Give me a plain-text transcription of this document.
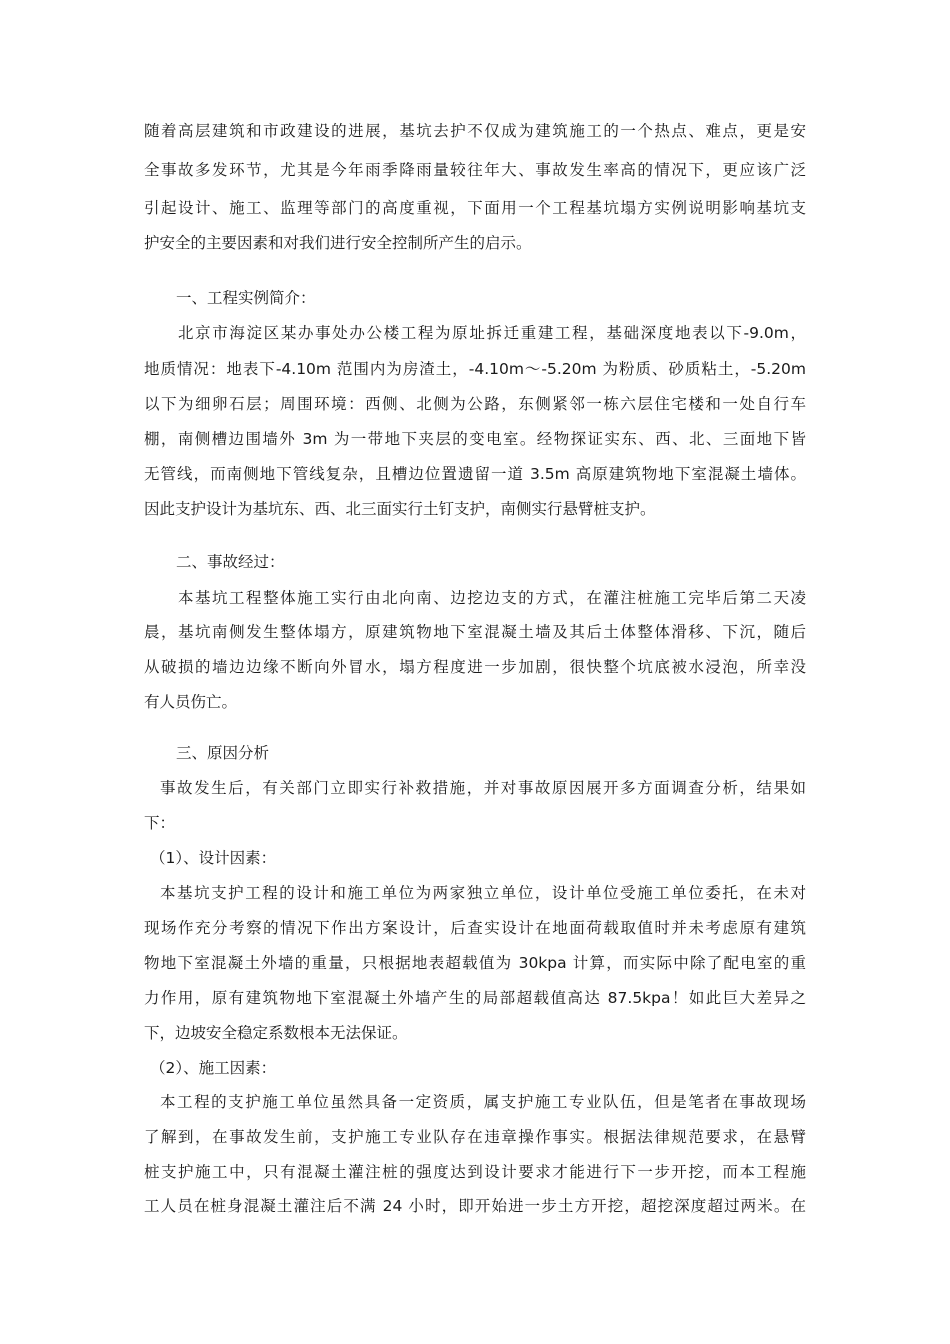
随着高层建筑和市政建设的进展，基坑去护不仅成为建筑施工的一个热点、难点，更是安
全事故多发环节，尤其是今年雨季降雨量较往年大、事故发生率高的情况下，更应该广泛
引起设计、施工、监理等部门的高度重视，下面用一个工程基坑塌方实例说明影响基坑支
护安全的主要因素和对我们进行安全控制所产生的启示。
一、工程实例简介：
北京市海淀区某办事处办公楼工程为原址拆迁重建工程，基础深度地表以下-9.0m，
地质情况：地表下-4.10m 范围内为房渣土，-4.10m～-5.20m 为粉质、砂质粘土，-5.20m
以下为细卵石层；周围环境：西侧、北侧为公路，东侧紧邻一栋六层住宅楼和一处自行车
棚，南侧槽边围墙外 3m 为一带地下夹层的变电室。经物探证实东、西、北、三面地下皆
无管线，而南侧地下管线复杂，且槽边位置遗留一道 3.5m 高原建筑物地下室混凝土墙体。
因此支护设计为基坑东、西、北三面实行土钉支护，南侧实行悬臂桩支护。
二、事故经过：
本基坑工程整体施工实行由北向南、边挖边支的方式，在灌注桩施工完毕后第二天凌
晨，基坑南侧发生整体塌方，原建筑物地下室混凝土墙及其后土体整体滑移、下沉，随后
从破损的墙边边缘不断向外冒水，塌方程度进一步加剧，很快整个坑底被水浸泡，所幸没
有人员伤亡。
三、原因分析
事故发生后，有关部门立即实行补救措施，并对事故原因展开多方面调查分析，结果如
下：
（1）、设计因素：
本基坑支护工程的设计和施工单位为两家独立单位，设计单位受施工单位委托，在未对
现场作充分考察的情况下作出方案设计，后查实设计在地面荷载取值时并未考虑原有建筑
物地下室混凝土外墙的重量，只根据地表超载值为 30kpa 计算，而实际中除了配电室的重
力作用，原有建筑物地下室混凝土外墙产生的局部超载值高达 87.5kpa！如此巨大差异之
下，边坡安全稳定系数根本无法保证。
（2）、施工因素：
本工程的支护施工单位虽然具备一定资质，属支护施工专业队伍，但是笔者在事故现场
了解到，在事故发生前，支护施工专业队存在违章操作事实。根据法律规范要求，在悬臂
桩支护施工中，只有混凝土灌注桩的强度达到设计要求才能进行下一步开挖，而本工程施
工人员在桩身混凝土灌注后不满 24 小时，即开始进一步土方开挖，超挖深度超过两米。在
